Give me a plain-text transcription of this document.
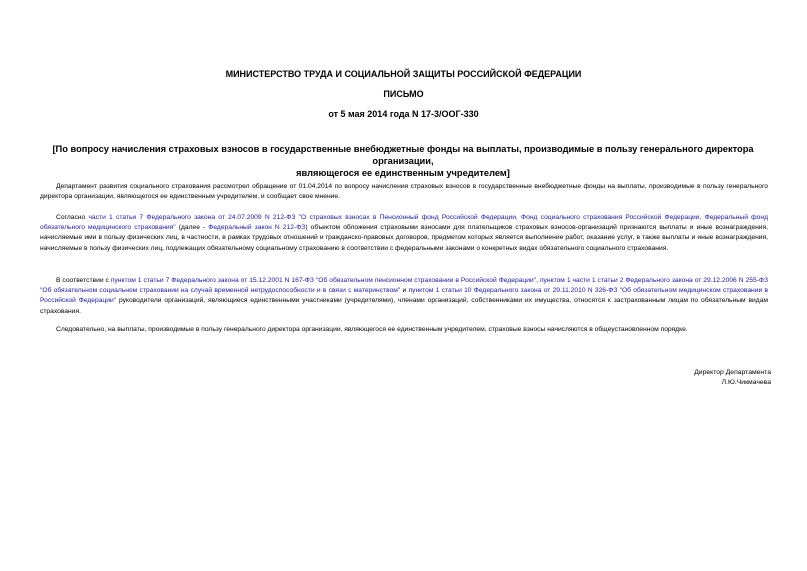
МИНИСТЕРСТВО ТРУДА И СОЦИАЛЬНОЙ ЗАЩИТЫ РОССИЙСКОЙ ФЕДЕРАЦИИ
ПИСЬМО
от 5 мая 2014 года N 17-3/ООГ-330
[По вопросу начисления страховых взносов в государственные внебюджетные фонды на выплаты, производимые в пользу генерального директора организации,
являющегося ее единственным учредителем]
Департамент развития социального страхования рассмотрел обращение от 01.04.2014 по вопросу начисления страховых взносов в государственные внебюджетные фонды на выплаты, производимые в пользу генерального директора организации, являющегося ее единственным учредителем, и сообщает свое мнение.
Согласно части 1 статьи 7 Федерального закона от 24.07.2009 N 212-ФЗ "О страховых взносах в Пенсионный фонд Российской Федерации, Фонд социального страхования Российской Федерации, Федеральный фонд обязательного медицинского страхования" (далее - Федеральный закон N 212-ФЗ) объектом обложения страховыми взносами для плательщиков страховых взносов-организаций признаются выплаты и иные вознаграждения, начисляемые ими в пользу физических лиц, в частности, в рамках трудовых отношений и гражданско-правовых договоров, предметом которых является выполнение работ, оказание услуг, в также выплаты и иные вознаграждения, начисляемые в пользу физических лиц, подлежащих обязательному социальному страхованию в соответствии с федеральными законами о конкретных видах обязательного социального страхования.
В соответствии с пунктом 1 статьи 7 Федерального закона от 15.12.2001 N 167-ФЗ "Об обязательном пенсионном страховании в Российской Федерации", пунктом 1 части 1 статьи 2 Федерального закона от 29.12.2006 N 255-ФЗ "Об обязательном социальном страховании на случай временной нетрудоспособности и в связи с материнством" и пунктом 1 статьи 10 Федерального закона от 29.11.2010 N 326-ФЗ "Об обязательном медицинском страховании в Российской Федерации" руководители организаций, являющиеся единственными участниками (учредителями), членами организаций, собственниками их имущества, относятся к застрахованным лицам по обязательным видам страхования.
Следовательно, на выплаты, производимые в пользу генерального директора организации, являющегося ее единственным учредителем, страховые взносы начисляются в общеустановленном порядке.
Директор Департамента
Л.Ю.Чикмачева
